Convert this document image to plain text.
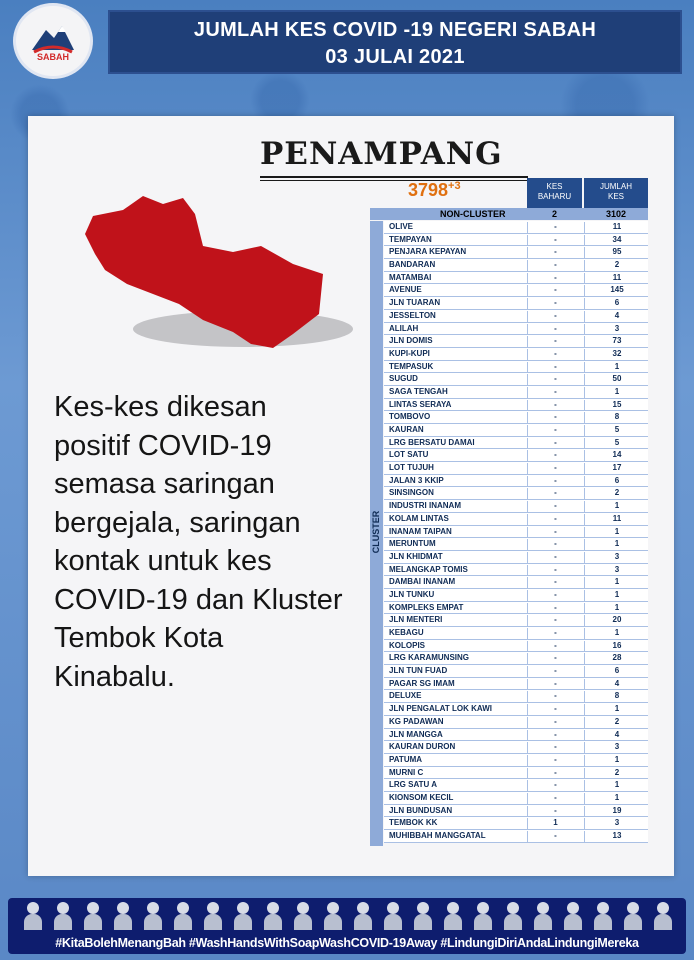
SABAH
JUMLAH KES COVID -19 NEGERI SABAH
03 JULAI 2021
PENAMPANG
Kes-kes dikesan positif COVID-19 semasa saringan bergejala, saringan kontak untuk kes COVID-19 dan Kluster Tembok Kota Kinabalu.
$3798^{+3}$	KES
BAHARU
JUMLAH
KES
NON-CLUSTER	2	3102
CLUSTER
OLIVE	-	11
TEMPAYAN	-	34
PENJARA KEPAYAN	-	95
BANDARAN	-	2
MATAMBAI	-	11
AVENUE	-	145
JLN TUARAN	-	6
JESSELTON	-	4
ALILAH	-	3
JLN DOMIS	-	73
KUPI-KUPI	-	32
TEMPASUK	-	1
SUGUD	-	50
SAGA TENGAH	-	1
LINTAS SERAYA	-	15
TOMBOVO	-	8
KAURAN	-	5
LRG BERSATU DAMAI	-	5
LOT SATU	-	14
LOT TUJUH	-	17
JALAN 3 KKIP	-	6
SINSINGON	-	2
INDUSTRI INANAM	-	1
KOLAM LINTAS	-	11
INANAM TAIPAN	-	1
MERUNTUM	-	1
JLN KHIDMAT	-	3
MELANGKAP TOMIS	-	3
DAMBAI INANAM	-	1
JLN TUNKU	-	1
KOMPLEKS EMPAT	-	1
JLN MENTERI	-	20
KEBAGU	-	1
KOLOPIS	-	16
LRG KARAMUNSING	-	28
JLN TUN FUAD	-	6
PAGAR SG IMAM	-	4
DELUXE	-	8
JLN PENGALAT LOK KAWI	-	1
KG PADAWAN	-	2
JLN MANGGA	-	4
KAURAN DURON	-	3
PATUMA	-	1
MURNI C	-	2
LRG SATU A	-	1
KIONSOM KECIL	-	1
JLN BUNDUSAN	-	19
TEMBOK KK	1	3
MUHIBBAH MANGGATAL	-	13
#KitaBolehMenangBah #WashHandsWithSoapWashCOVID-19Away #LindungiDiriAndaLindungiMereka
